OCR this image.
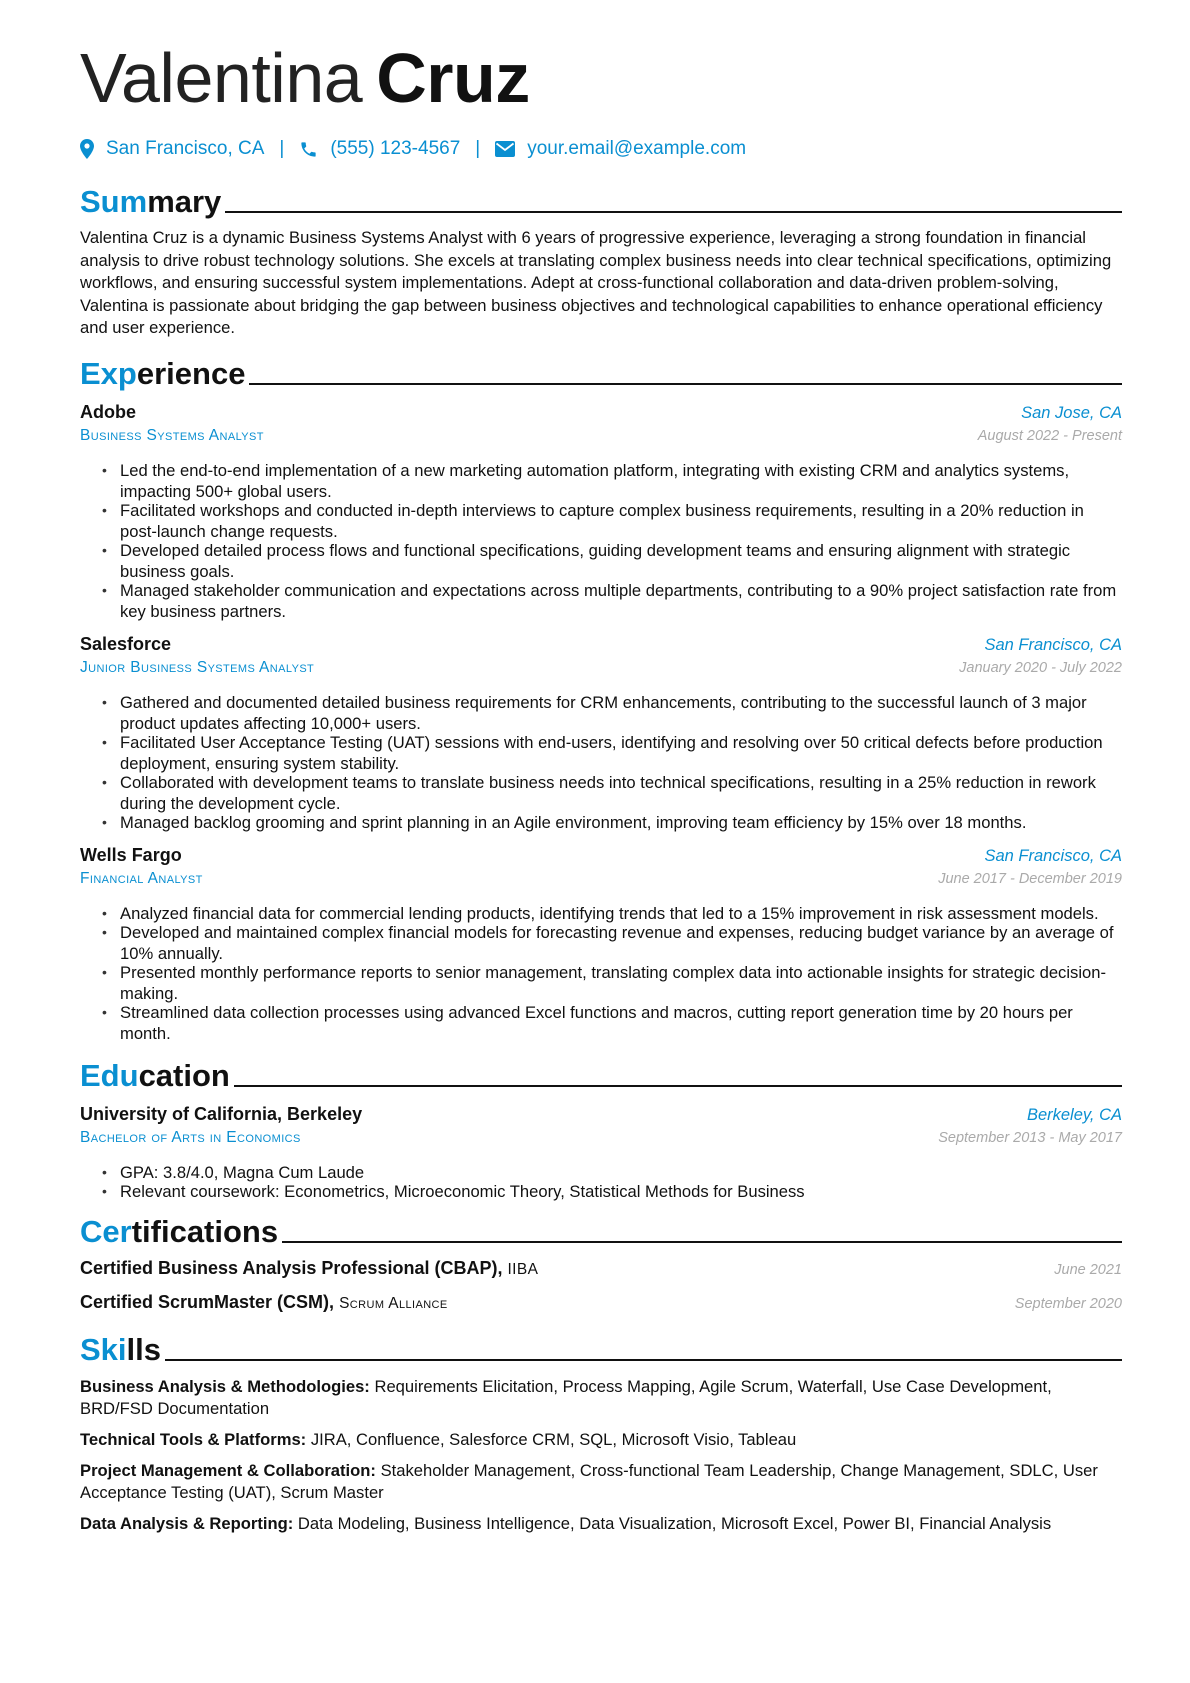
Valentina Cruz
San Francisco, CA | (555) 123-4567 | your.email@example.com
Summary
Valentina Cruz is a dynamic Business Systems Analyst with 6 years of progressive experience, leveraging a strong foundation in financial analysis to drive robust technology solutions. She excels at translating complex business needs into clear technical specifications, optimizing workflows, and ensuring successful system implementations. Adept at cross-functional collaboration and data-driven problem-solving, Valentina is passionate about bridging the gap between business objectives and technological capabilities to enhance operational efficiency and user experience.
Experience
Adobe	San Jose, CA
Business Systems Analyst	August 2022 - Present
• Led the end-to-end implementation of a new marketing automation platform, integrating with existing CRM and analytics systems, impacting 500+ global users.
• Facilitated workshops and conducted in-depth interviews to capture complex business requirements, resulting in a 20% reduction in post-launch change requests.
• Developed detailed process flows and functional specifications, guiding development teams and ensuring alignment with strategic business goals.
• Managed stakeholder communication and expectations across multiple departments, contributing to a 90% project satisfaction rate from key business partners.
Salesforce	San Francisco, CA
Junior Business Systems Analyst	January 2020 - July 2022
• Gathered and documented detailed business requirements for CRM enhancements, contributing to the successful launch of 3 major product updates affecting 10,000+ users.
• Facilitated User Acceptance Testing (UAT) sessions with end-users, identifying and resolving over 50 critical defects before production deployment, ensuring system stability.
• Collaborated with development teams to translate business needs into technical specifications, resulting in a 25% reduction in rework during the development cycle.
• Managed backlog grooming and sprint planning in an Agile environment, improving team efficiency by 15% over 18 months.
Wells Fargo	San Francisco, CA
Financial Analyst	June 2017 - December 2019
• Analyzed financial data for commercial lending products, identifying trends that led to a 15% improvement in risk assessment models.
• Developed and maintained complex financial models for forecasting revenue and expenses, reducing budget variance by an average of 10% annually.
• Presented monthly performance reports to senior management, translating complex data into actionable insights for strategic decision-making.
• Streamlined data collection processes using advanced Excel functions and macros, cutting report generation time by 20 hours per month.
Education
University of California, Berkeley	Berkeley, CA
Bachelor of Arts in Economics	September 2013 - May 2017
• GPA: 3.8/4.0, Magna Cum Laude
• Relevant coursework: Econometrics, Microeconomic Theory, Statistical Methods for Business
Certifications
Certified Business Analysis Professional (CBAP), IIBA	June 2021
Certified ScrumMaster (CSM), Scrum Alliance	September 2020
Skills
Business Analysis & Methodologies: Requirements Elicitation, Process Mapping, Agile Scrum, Waterfall, Use Case Development, BRD/FSD Documentation
Technical Tools & Platforms: JIRA, Confluence, Salesforce CRM, SQL, Microsoft Visio, Tableau
Project Management & Collaboration: Stakeholder Management, Cross-functional Team Leadership, Change Management, SDLC, User Acceptance Testing (UAT), Scrum Master
Data Analysis & Reporting: Data Modeling, Business Intelligence, Data Visualization, Microsoft Excel, Power BI, Financial Analysis
